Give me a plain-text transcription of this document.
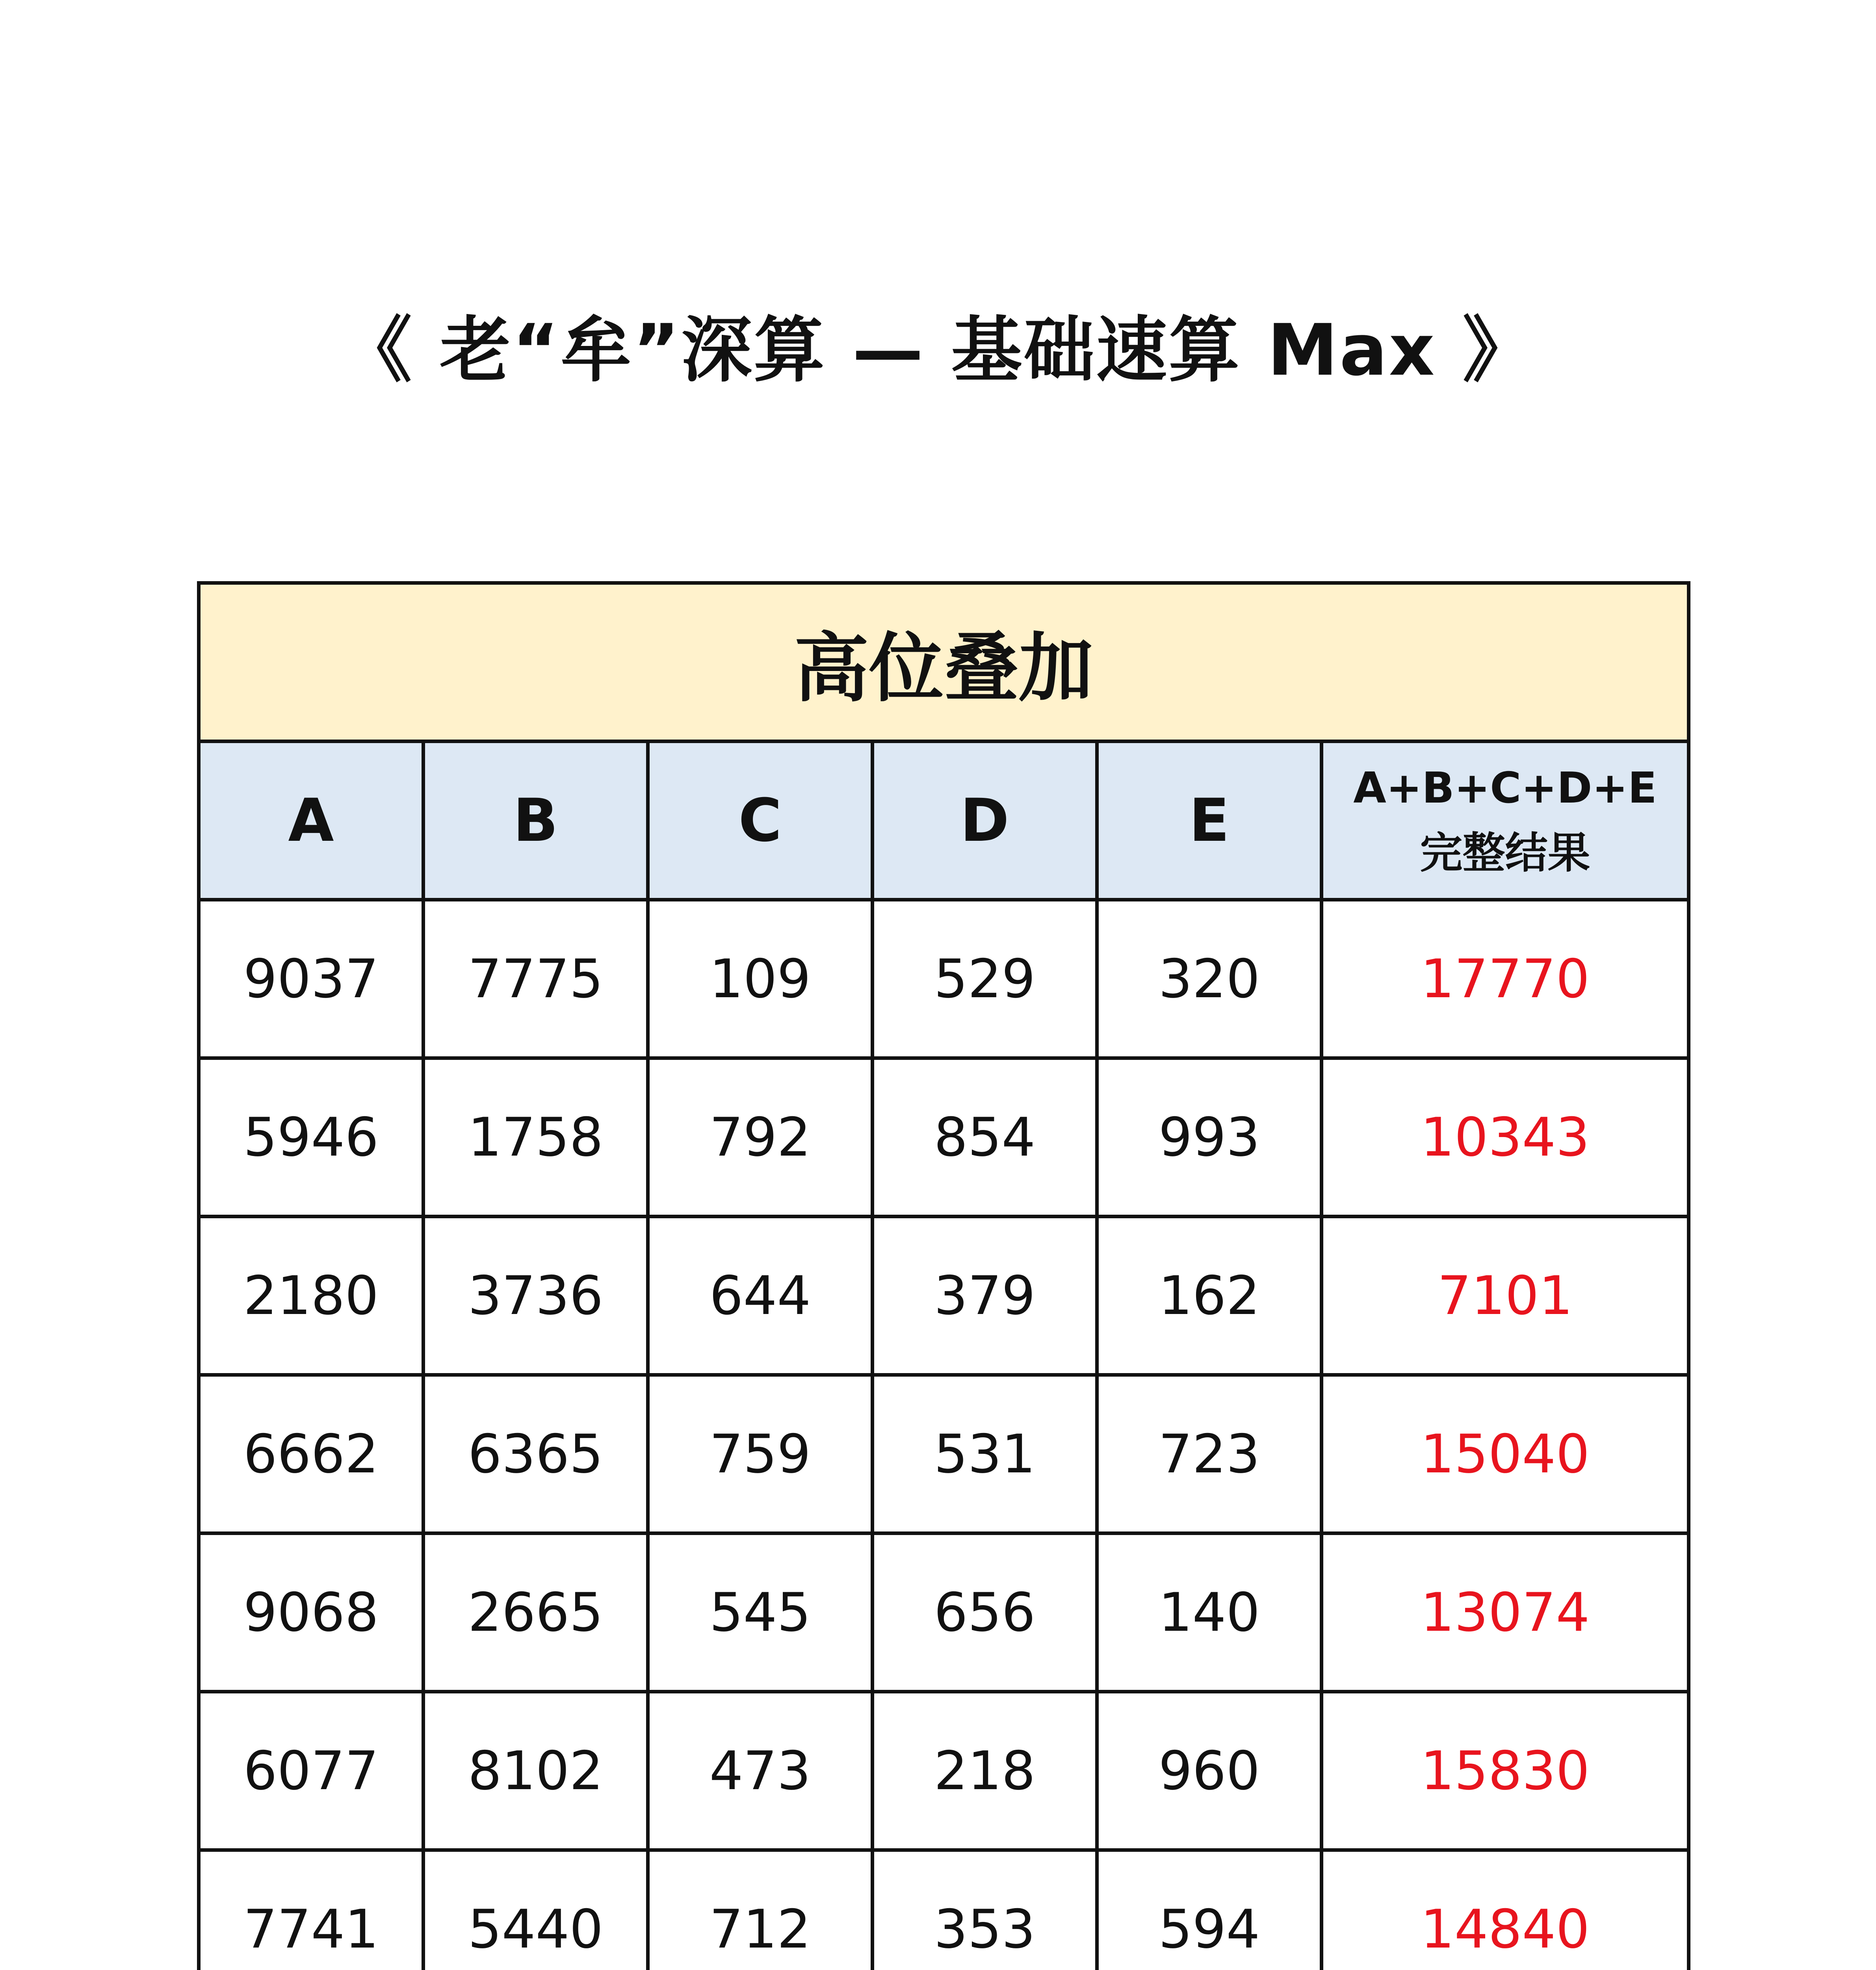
《 老“牟”深算 — 基础速算 Max 》
高位叠加					
A	B	C	D	E	A+B+C+D+E
完整结果

9037	7775	109	529	320	17770
5946	1758	792	854	993	10343
2180	3736	644	379	162	7101
6662	6365	759	531	723	15040
9068	2665	545	656	140	13074
6077	8102	473	218	960	15830
7741	5440	712	353	594	14840
